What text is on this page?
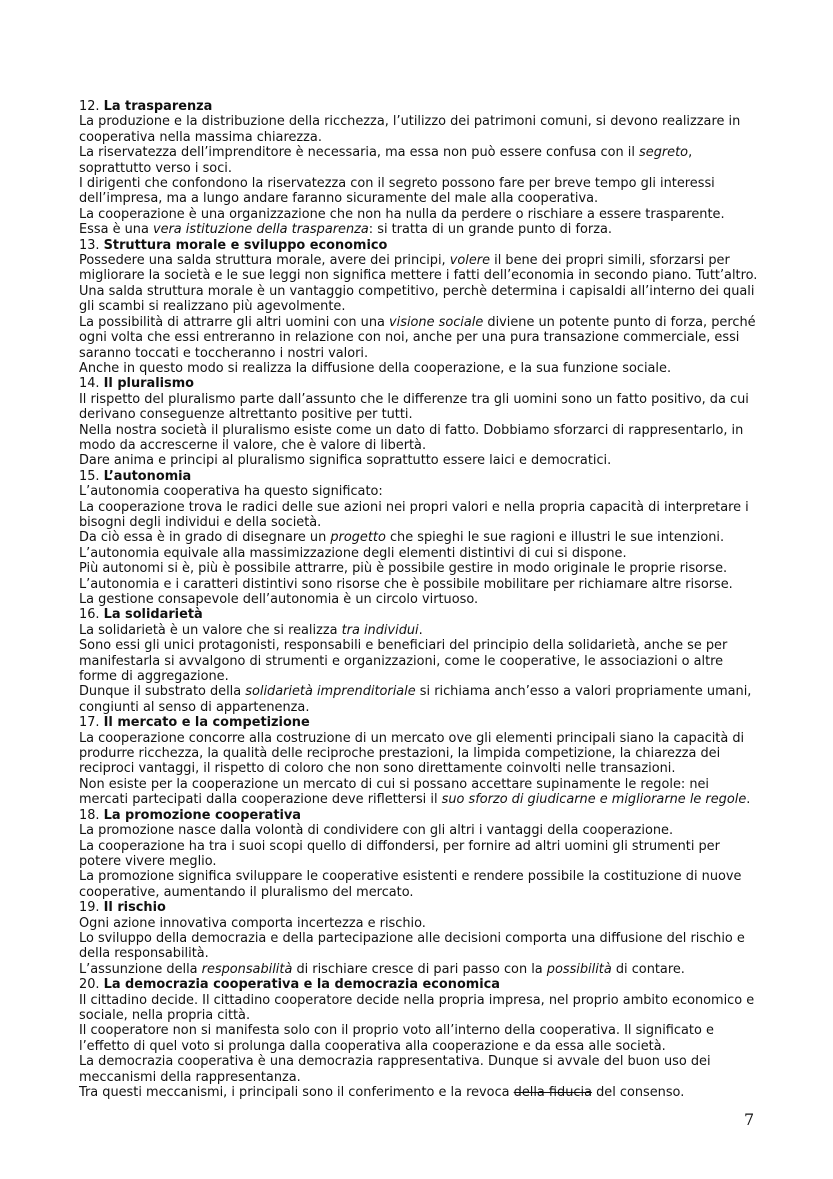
12. La trasparenza
La produzione e la distribuzione della ricchezza, l’utilizzo dei patrimoni comuni, si devono realizzare in cooperativa nella massima chiarezza.
La riservatezza dell’imprenditore è necessaria, ma essa non può essere confusa con il segreto, soprattutto verso i soci.
I dirigenti che confondono la riservatezza con il segreto possono fare per breve tempo gli interessi dell’impresa, ma a lungo andare faranno sicuramente del male alla cooperativa.
La cooperazione è una organizzazione che non ha nulla da perdere o rischiare a essere trasparente.
Essa è una vera istituzione della trasparenza: si tratta di un grande punto di forza.
13. Struttura morale e sviluppo economico
Possedere una salda struttura morale, avere dei principi, volere il bene dei propri simili, sforzarsi per migliorare la società e le sue leggi non significa mettere i fatti dell’economia in secondo piano. Tutt’altro.
Una salda struttura morale è un vantaggio competitivo, perchè determina i capisaldi all’interno dei quali gli scambi si realizzano più agevolmente.
La possibilità di attrarre gli altri uomini con una visione sociale diviene un potente punto di forza, perché ogni volta che essi entreranno in relazione con noi, anche per una pura transazione commerciale, essi saranno toccati e toccheranno i nostri valori.
Anche in questo modo si realizza la diffusione della cooperazione, e la sua funzione sociale.
14. Il pluralismo
Il rispetto del pluralismo parte dall’assunto che le differenze tra gli uomini sono un fatto positivo, da cui derivano conseguenze altrettanto positive per tutti.
Nella nostra società il pluralismo esiste come un dato di fatto. Dobbiamo sforzarci di rappresentarlo, in modo da accrescerne il valore, che è valore di libertà.
Dare anima e principi al pluralismo significa soprattutto essere laici e democratici.
15. L’autonomia
L’autonomia cooperativa ha questo significato:
La cooperazione trova le radici delle sue azioni nei propri valori e nella propria capacità di interpretare i bisogni degli individui e della società.
Da ciò essa è in grado di disegnare un progetto che spieghi le sue ragioni e illustri le sue intenzioni.
L’autonomia equivale alla massimizzazione degli elementi distintivi di cui si dispone.
Più autonomi si è, più è possibile attrarre, più è possibile gestire in modo originale le proprie risorse.
L’autonomia e i caratteri distintivi sono risorse che è possibile mobilitare per richiamare altre risorse.
La gestione consapevole dell’autonomia è un circolo virtuoso.
16. La solidarietà
La solidarietà è un valore che si realizza tra individui.
Sono essi gli unici protagonisti, responsabili e beneficiari del principio della solidarietà, anche se per manifestarla si avvalgono di strumenti e organizzazioni, come le cooperative, le associazioni o altre forme di aggregazione.
Dunque il substrato della solidarietà imprenditoriale si richiama anch’esso a valori propriamente umani, congiunti al senso di appartenenza.
17. Il mercato e la competizione
La cooperazione concorre alla costruzione di un mercato ove gli elementi principali siano la capacità di produrre ricchezza, la qualità delle reciproche prestazioni, la limpida competizione, la chiarezza dei reciproci vantaggi, il rispetto di coloro che non sono direttamente coinvolti nelle transazioni.
Non esiste per la cooperazione un mercato di cui si possano accettare supinamente le regole: nei mercati partecipati dalla cooperazione deve riflettersi il suo sforzo di giudicarne e migliorarne le regole.
18. La promozione cooperativa
La promozione nasce dalla volontà di condividere con gli altri i vantaggi della cooperazione.
La cooperazione ha tra i suoi scopi quello di diffondersi, per fornire ad altri uomini gli strumenti per potere vivere meglio.
La promozione significa sviluppare le cooperative esistenti e rendere possibile la costituzione di nuove cooperative, aumentando il pluralismo del mercato.
19. Il rischio
Ogni azione innovativa comporta incertezza e rischio.
Lo sviluppo della democrazia e della partecipazione alle decisioni comporta una diffusione del rischio e della responsabilità.
L’assunzione della responsabilità di rischiare cresce di pari passo con la possibilità di contare.
20. La democrazia cooperativa e la democrazia economica
Il cittadino decide. Il cittadino cooperatore decide nella propria impresa, nel proprio ambito economico e sociale, nella propria città.
Il cooperatore non si manifesta solo con il proprio voto all’interno della cooperativa. Il significato e l’effetto di quel voto si prolunga dalla cooperativa alla cooperazione e da essa alle società.
La democrazia cooperativa è una democrazia rappresentativa. Dunque si avvale del buon uso dei meccanismi della rappresentanza.
Tra questi meccanismi, i principali sono il conferimento e la revoca della fiducia del consenso.
7
